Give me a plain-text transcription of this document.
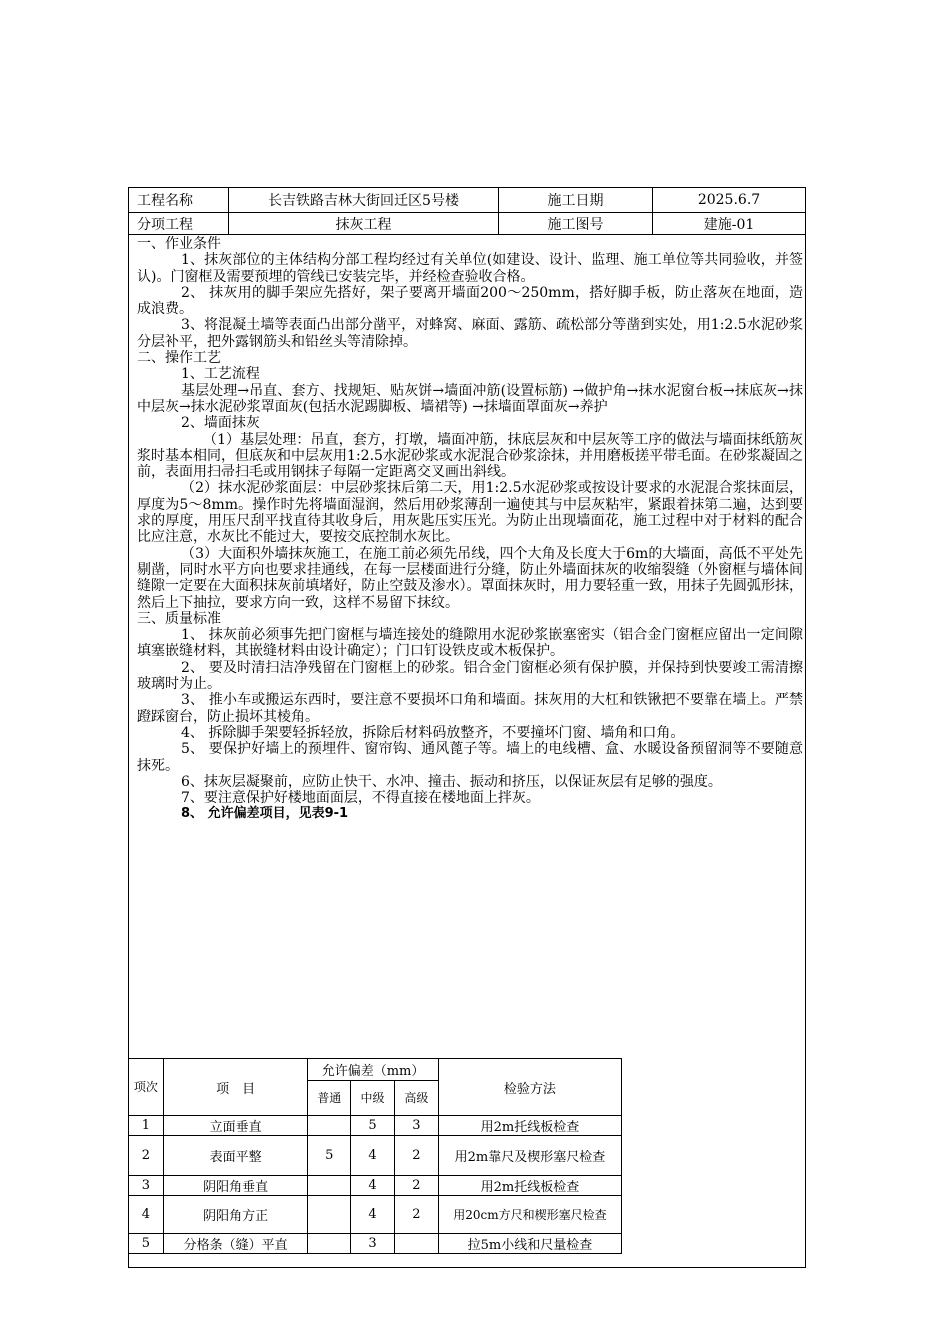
工程名称	长吉铁路吉林大街回迁区5号楼	施工日期	2025.6.7
分项工程	抹灰工程	施工图号	建施-01

一、作业条件

1、抹灰部位的主体结构分部工程均经过有关单位(如建设、设计、监理、施工单位等共同验收，并签认)。门窗框及需要预埋的管线已安装完毕，并经检查验收合格。

2、 抹灰用的脚手架应先搭好，架子要离开墙面200～250mm，搭好脚手板，防止落灰在地面，造成浪费。

3、将混凝土墙等表面凸出部分凿平，对蜂窝、麻面、露筋、疏松部分等凿到实处，用1:2.5水泥砂浆分层补平，把外露钢筋头和铅丝头等清除掉。

二、操作工艺

1、工艺流程

基层处理→吊直、套方、找规矩、贴灰饼→墙面冲筋(设置标筋) →做护角→抹水泥窗台板→抹底灰→抹中层灰→抹水泥砂浆罩面灰(包括水泥踢脚板、墙裙等) →抹墙面罩面灰→养护

2、墙面抹灰

（1）基层处理：吊直，套方，打墩，墙面冲筋，抹底层灰和中层灰等工序的做法与墙面抹纸筋灰浆时基本相同，但底灰和中层灰用1:2.5水泥砂浆或水泥混合砂浆涂抹，并用磨板搓平带毛面。在砂浆凝固之前，表面用扫帚扫毛或用钢抹子每隔一定距离交叉画出斜线。

（2）抹水泥砂浆面层：中层砂浆抹后第二天，用1:2.5水泥砂浆或按设计要求的水泥混合浆抹面层，厚度为5～8mm。操作时先将墙面湿润，然后用砂浆薄刮一遍使其与中层灰粘牢，紧跟着抹第二遍，达到要求的厚度，用压尺刮平找直待其收身后，用灰匙压实压光。为防止出现墙面花，施工过程中对于材料的配合比应注意，水灰比不能过大，要按交底控制水灰比。

（3）大面积外墙抹灰施工，在施工前必须先吊线，四个大角及长度大于6m的大墙面，高低不平处先剔凿，同时水平方向也要求挂通线，在每一层楼面进行分缝，防止外墙面抹灰的收缩裂缝（外窗框与墙体间缝隙一定要在大面积抹灰前填堵好，防止空鼓及渗水）。罩面抹灰时，用力要轻重一致，用抹子先圆弧形抹，然后上下抽拉，要求方向一致，这样不易留下抹纹。

三、质量标准

1、 抹灰前必须事先把门窗框与墙连接处的缝隙用水泥砂浆嵌塞密实（铝合金门窗框应留出一定间隙填塞嵌缝材料，其嵌缝材料由设计确定）；门口钉设铁皮或木板保护。

2、 要及时清扫洁净残留在门窗框上的砂浆。铝合金门窗框必须有保护膜，并保持到快要竣工需清擦玻璃时为止。

3、 推小车或搬运东西时，要注意不要损坏口角和墙面。抹灰用的大杠和铁锹把不要靠在墙上。严禁蹬踩窗台，防止损坏其棱角。

4、 拆除脚手架要轻拆轻放，拆除后材料码放整齐，不要撞坏门窗、墙角和口角。

5、 要保护好墙上的预埋件、窗帘钩、通风蓖子等。墙上的电线槽、盒、水暖设备预留洞等不要随意抹死。

6、抹灰层凝聚前，应防止快干、水冲、撞击、振动和挤压，以保证灰层有足够的强度。

7、要注意保护好楼地面面层，不得直接在楼地面上拌灰。

8、 允许偏差项目，见表9-1

项次	项　目	允许偏差（mm）			检验方法
		普通	中级	高级	
1	立面垂直		5	3	用2m托线板检查
2	表面平整	5	4	2	用2m靠尺及楔形塞尺检查
3	阴阳角垂直		4	2	用2m托线板检查
4	阴阳角方正		4	2	用20cm方尺和楔形塞尺检查
5	分格条（缝）平直		3		拉5m小线和尺量检查
